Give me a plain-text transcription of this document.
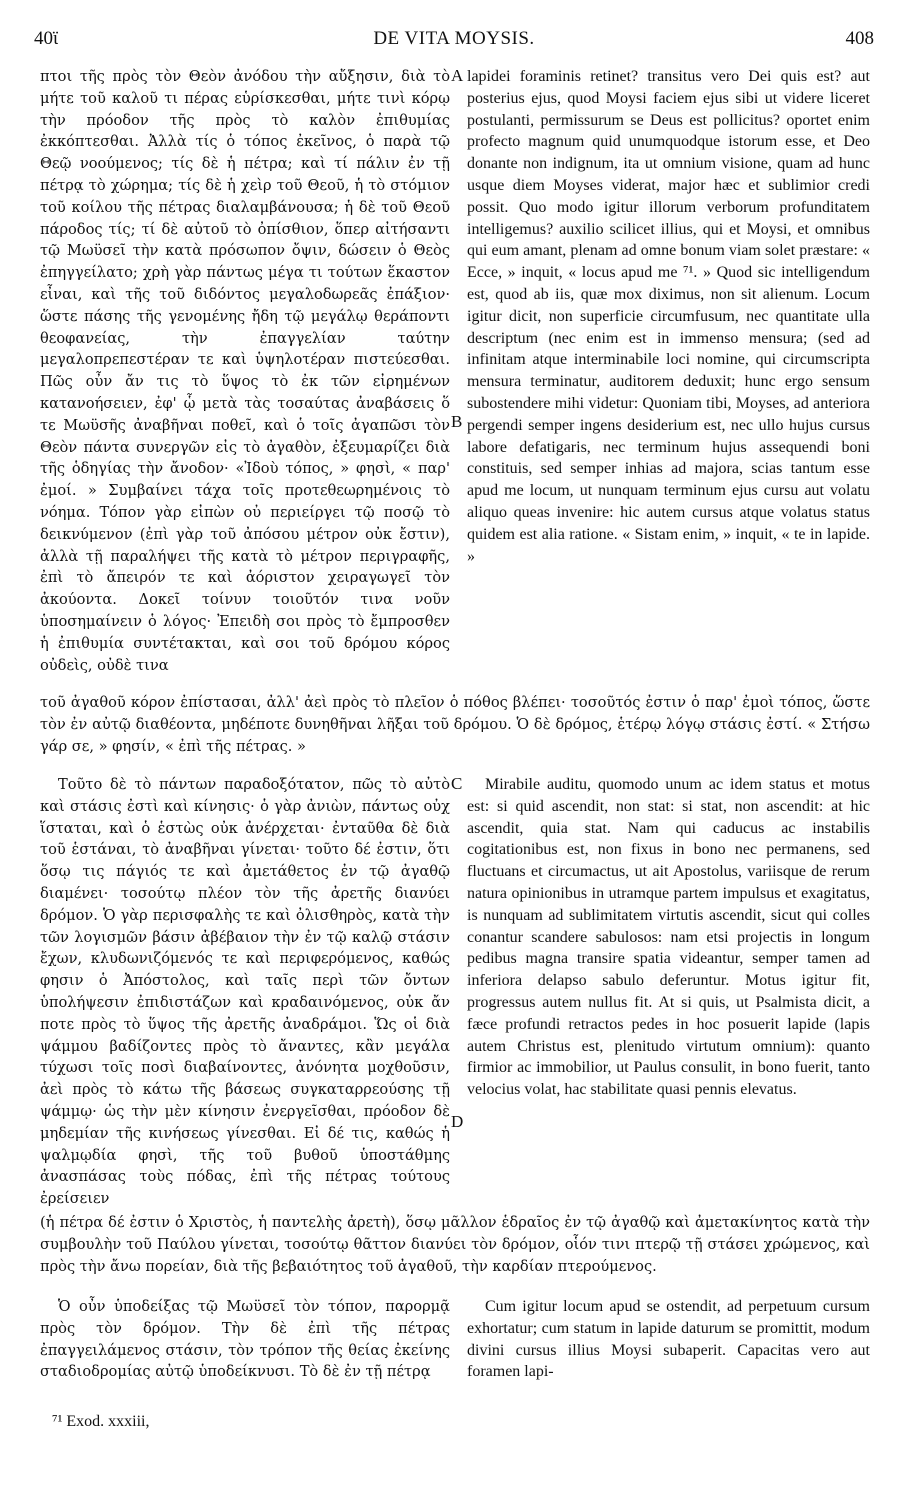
40ϊ	DE VITA MOYSIS.	408

πτοι τῆς πρὸς τὸν Θεὸν ἀνόδου τὴν αὔξησιν, διὰ τὸ μήτε τοῦ καλοῦ τι πέρας εὑρίσκεσθαι, μήτε τινὶ κόρῳ τὴν πρόοδον τῆς πρὸς τὸ καλὸν ἐπιθυμίας ἐκκόπτεσθαι. Ἀλλὰ τίς ὁ τόπος ἐκεῖνος, ὁ παρὰ τῷ Θεῷ νοούμενος; τίς δὲ ἡ πέτρα; καὶ τί πάλιν ἐν τῇ πέτρᾳ τὸ χώρημα; τίς δὲ ἡ χεὶρ τοῦ Θεοῦ, ἡ τὸ στόμιον τοῦ κοίλου τῆς πέτρας διαλαμβάνουσα; ἡ δὲ τοῦ Θεοῦ πάροδος τίς; τί δὲ αὐτοῦ τὸ ὀπίσθιον, ὅπερ αἰτήσαντι τῷ Μωϋσεῖ τὴν κατὰ πρόσωπον ὄψιν, δώσειν ὁ Θεὸς ἐπηγγείλατο; χρὴ γὰρ πάντως μέγα τι τούτων ἕκαστον εἶναι, καὶ τῆς τοῦ διδόντος μεγαλοδωρεᾶς ἐπάξιον· ὥστε πάσης τῆς γενομένης ἤδη τῷ μεγάλῳ θεράποντι θεοφανείας, τὴν ἐπαγγελίαν ταύτην μεγαλοπρεπεστέραν τε καὶ ὑψηλοτέραν πιστεύεσθαι. Πῶς οὖν ἄν τις τὸ ὕψος τὸ ἐκ τῶν εἰρημένων κατανοήσειεν, ἐφ' ᾧ μετὰ τὰς τοσαύτας ἀναβάσεις ὅ τε Μωϋσῆς ἀναβῆναι ποθεῖ, καὶ ὁ τοῖς ἀγαπῶσι τὸν Θεὸν πάντα συνεργῶν εἰς τὸ ἀγαθὸν, ἐξευμαρίζει διὰ τῆς ὁδηγίας τὴν ἄνοδον· «Ἰδοὺ τόπος, » φησὶ, « παρ' ἐμοί. » Συμβαίνει τάχα τοῖς προτεθεωρημένοις τὸ νόημα. Τόπον γὰρ εἰπὼν οὐ περιείργει τῷ ποσῷ τὸ δεικνύμενον (ἐπὶ γὰρ τοῦ ἀπόσου μέτρον οὐκ ἔστιν), ἀλλὰ τῇ παραλήψει τῆς κατὰ τὸ μέτρον περιγραφῆς, ἐπὶ τὸ ἄπειρόν τε καὶ ἀόριστον χειραγωγεῖ τὸν ἀκούοντα. Δοκεῖ τοίνυν τοιοῦτόν τινα νοῦν ὑποσημαίνειν ὁ λόγος· Ἐπειδὴ σοι πρὸς τὸ ἔμπροσθεν ἡ ἐπιθυμία συντέτακται, καὶ σοι τοῦ δρόμου κόρος οὐδεὶς, οὐδὲ τινα

A
B

lapidei foraminis retinet? transitus vero Dei quis est? aut posterius ejus, quod Moysi faciem ejus sibi ut videre liceret postulanti, permissurum se Deus est pollicitus? oportet enim profecto magnum quid unumquodque istorum esse, et Deo donante non indignum, ita ut omnium visione, quam ad hunc usque diem Moyses viderat, major hæc et sublimior credi possit. Quo modo igitur illorum verborum profunditatem intelligemus? auxilio scilicet illius, qui et Moysi, et omnibus qui eum amant, plenam ad omne bonum viam solet præstare: « Ecce, » inquit, « locus apud me ⁷¹. » Quod sic intelligendum est, quod ab iis, quæ mox diximus, non sit alienum. Locum igitur dicit, non superficie circumfusum, nec quantitate ulla descriptum (nec enim est in immenso mensura; (sed ad infinitam atque interminabile loci nomine, qui circumscripta mensura terminatur, auditorem deduxit; hunc ergo sensum subostendere mihi videtur: Quoniam tibi, Moyses, ad anteriora pergendi semper ingens desiderium est, nec ullo hujus cursus labore defatigaris, nec terminum hujus assequendi boni constituis, sed semper inhias ad majora, scias tantum esse apud me locum, ut nunquam terminum ejus cursu aut volatu aliquo queas invenire: hic autem cursus atque volatus status quidem est alia ratione. « Sistam enim, » inquit, « te in lapide. »

τοῦ ἀγαθοῦ κόρον ἐπίστασαι, ἀλλ' ἀεὶ πρὸς τὸ πλεῖον ὁ πόθος βλέπει· τοσοῦτός ἐστιν ὁ παρ' ἐμοὶ τόπος, ὥστε τὸν ἐν αὐτῷ διαθέοντα, μηδέποτε δυνηθῆναι λῆξαι τοῦ δρόμου. Ὁ δὲ δρόμος, ἑτέρῳ λόγῳ στάσις ἐστί. « Στήσω γάρ σε, » φησίν, « ἐπὶ τῆς πέτρας. »

Τοῦτο δὲ τὸ πάντων παραδοξότατον, πῶς τὸ αὐτὸ καὶ στάσις ἐστὶ καὶ κίνησις· ὁ γὰρ ἀνιὼν, πάντως οὐχ ἵσταται, καὶ ὁ ἑστὼς οὐκ ἀνέρχεται· ἐνταῦθα δὲ διὰ τοῦ ἑστάναι, τὸ ἀναβῆναι γίνεται· τοῦτο δέ ἐστιν, ὅτι ὅσῳ τις πάγιός τε καὶ ἀμετάθετος ἐν τῷ ἀγαθῷ διαμένει· τοσούτῳ πλέον τὸν τῆς ἀρετῆς διανύει δρόμον. Ὁ γὰρ περισφαλὴς τε καὶ ὀλισθηρὸς, κατὰ τὴν τῶν λογισμῶν βάσιν ἀβέβαιον τὴν ἐν τῷ καλῷ στάσιν ἔχων, κλυδωνιζόμενός τε καὶ περιφερόμενος, καθώς φησιν ὁ Ἀπόστολος, καὶ ταῖς περὶ τῶν ὄντων ὑπολήψεσιν ἐπιδιστάζων καὶ κραδαινόμενος, οὐκ ἄν ποτε πρὸς τὸ ὕψος τῆς ἀρετῆς ἀναδράμοι. Ὥς οἱ διὰ ψάμμου βαδίζοντες πρὸς τὸ ἄναντες, κἂν μεγάλα τύχωσι τοῖς ποσὶ διαβαίνοντες, ἀνόνητα μοχθοῦσιν, ἀεὶ πρὸς τὸ κάτω τῆς βάσεως συγκαταρρεούσης τῇ ψάμμῳ· ὡς τὴν μὲν κίνησιν ἐνεργεῖσθαι, πρόοδον δὲ μηδεμίαν τῆς κινήσεως γίνεσθαι. Εἰ δέ τις, καθώς ἡ ψαλμῳδία φησὶ, τῆς τοῦ βυθοῦ ὑποστάθμης ἀνασπάσας τοὺς πόδας, ἐπὶ τῆς πέτρας τούτους ἐρείσειεν

C
D

Mirabile auditu, quomodo unum ac idem status et motus est: si quid ascendit, non stat: si stat, non ascendit: at hic ascendit, quia stat. Nam qui caducus ac instabilis cogitationibus est, non fixus in bono nec permanens, sed fluctuans et circumactus, ut ait Apostolus, variisque de rerum natura opinionibus in utramque partem impulsus et exagitatus, is nunquam ad sublimitatem virtutis ascendit, sicut qui colles conantur scandere sabulosos: nam etsi projectis in longum pedibus magna transire spatia videantur, semper tamen ad inferiora delapso sabulo deferuntur. Motus igitur fit, progressus autem nullus fit. At si quis, ut Psalmista dicit, a fæce profundi retractos pedes in hoc posuerit lapide (lapis autem Christus est, plenitudo virtutum omnium): quanto firmior ac immobilior, ut Paulus consulit, in bono fuerit, tanto velocius volat, hac stabilitate quasi pennis elevatus.

(ἡ πέτρα δέ ἐστιν ὁ Χριστὸς, ἡ παντελὴς ἀρετὴ), ὅσῳ μᾶλλον ἑδραῖος ἐν τῷ ἀγαθῷ καὶ ἀμετακίνητος κατὰ τὴν συμβουλὴν τοῦ Παύλου γίνεται, τοσούτῳ θᾶττον διανύει τὸν δρόμον, οἷόν τινι πτερῷ τῇ στάσει χρώμενος, καὶ πρὸς τὴν ἄνω πορείαν, διὰ τῆς βεβαιότητος τοῦ ἀγαθοῦ, τὴν καρδίαν πτερούμενος.

Ὁ οὖν ὑποδείξας τῷ Μωϋσεῖ τὸν τόπον, παρορμᾷ πρὸς τὸν δρόμον. Τὴν δὲ ἐπὶ τῆς πέτρας ἐπαγγειλάμενος στάσιν, τὸν τρόπον τῆς θείας ἐκείνης σταδιοδρομίας αὐτῷ ὑποδείκνυσι. Τὸ δὲ ἐν τῇ πέτρᾳ

Cum igitur locum apud se ostendit, ad perpetuum cursum exhortatur; cum statum in lapide daturum se promittit, modum divini cursus illius Moysi subaperit. Capacitas vero aut foramen lapi-

⁷¹ Exod. xxxiii,
